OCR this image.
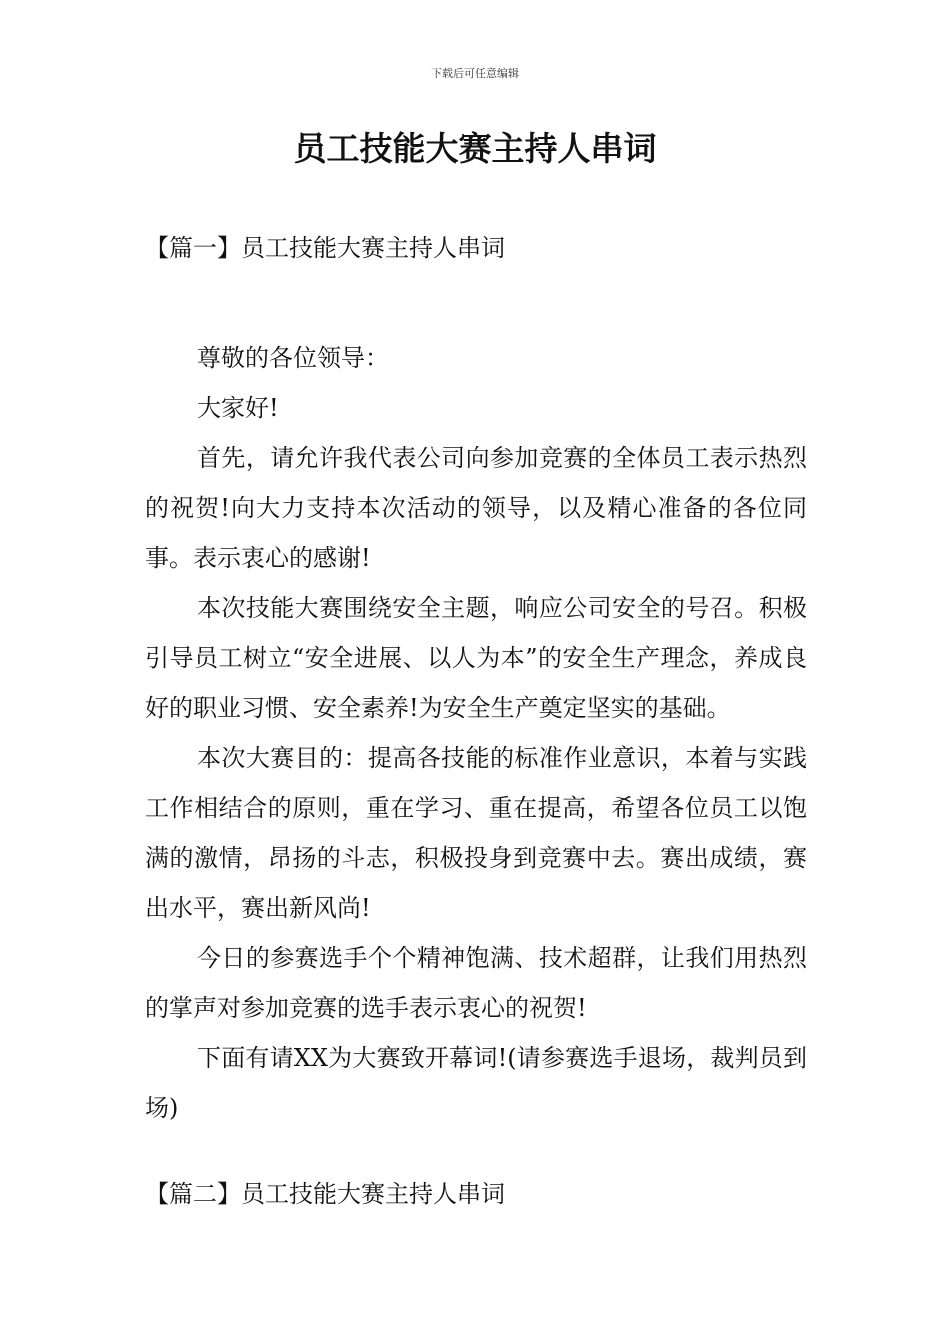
下载后可任意编辑
员工技能大赛主持人串词
【篇一】员工技能大赛主持人串词

尊敬的各位领导：

大家好!

首先，请允许我代表公司向参加竞赛的全体员工表示热烈的祝贺!向大力支持本次活动的领导，以及精心准备的各位同事。表示衷心的感谢!

本次技能大赛围绕安全主题，响应公司安全的号召。积极引导员工树立“安全进展、以人为本”的安全生产理念，养成良好的职业习惯、安全素养!为安全生产奠定坚实的基础。

本次大赛目的：提高各技能的标准作业意识，本着与实践工作相结合的原则，重在学习、重在提高，希望各位员工以饱满的激情，昂扬的斗志，积极投身到竞赛中去。赛出成绩，赛出水平，赛出新风尚!

今日的参赛选手个个精神饱满、技术超群，让我们用热烈的掌声对参加竞赛的选手表示衷心的祝贺!

下面有请XX为大赛致开幕词!(请参赛选手退场，裁判员到场)

【篇二】员工技能大赛主持人串词
